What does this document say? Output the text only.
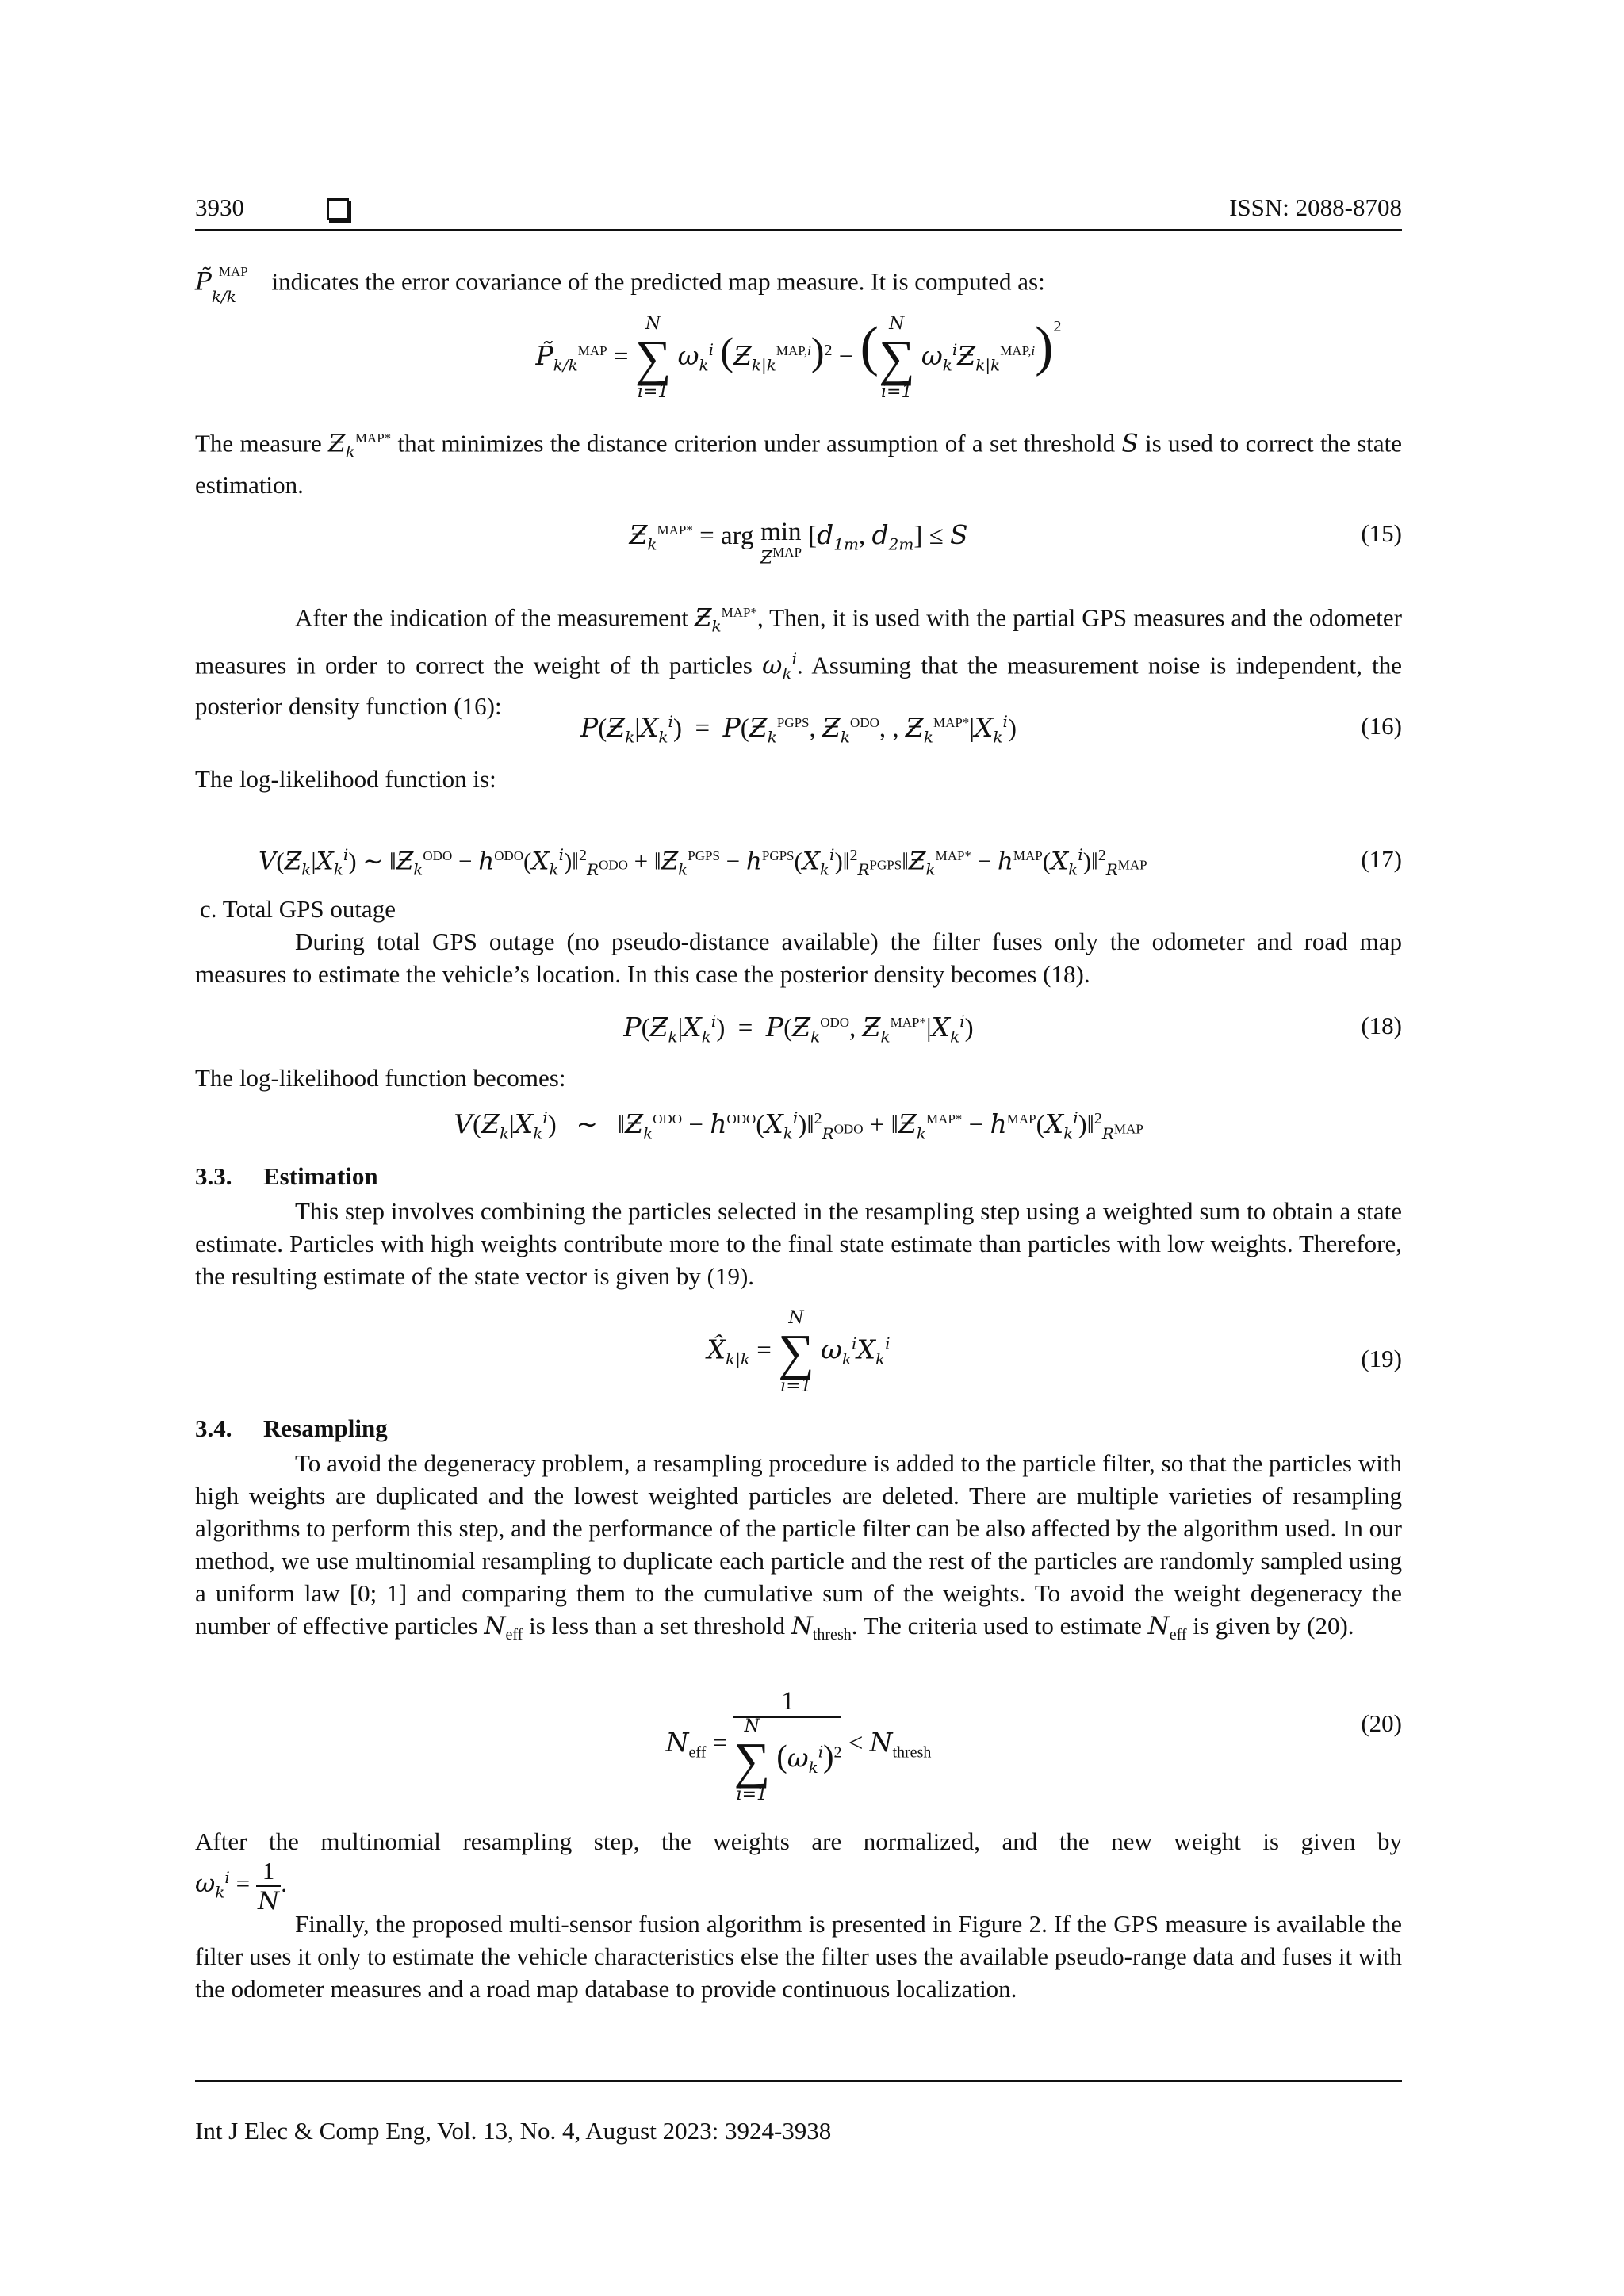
3930	ISSN: 2088-8708
$P̃_{k/k}^{MAP}$ indicates the error covariance of the predicted map measure. It is computed as:
$P̃_{k/k}^{MAP}$ =
N
∑
i=1
$\omega_k^i$ $(Ƶ_{k|k}^{MAP,i})^2$ − ( N
∑
i=1
$\omega_k^iƵ_{k|k}^{MAP,i})^2$
The measure $Ƶ_k^{MAP*}$ that minimizes the distance criterion under assumption of a set threshold S is used to correct the state estimation.
$Ƶ_k^{MAP*}$ = arg min
$Ƶ^{MAP}$
[$d_{1m}$, $d_{2m}] \le S$	(15)
After the indication of the measurement $Ƶ_k^{MAP*}$, Then, it is used with the partial GPS measures and the odometer measures in order to correct the weight of th particles $\omega_k^i$. Assuming that the measurement noise is independent, the posterior density function (16):
$P(Ƶ_k|X_k^i)$  =  $P(Ƶ_k^{PGPS}$, $Ƶ_k^{ODO}$, , $Ƶ_k^{MAP*}|X_k^i$)	(16)
The log-likelihood function is:
$V(Ƶ_k|X_k^i)$ ∼ $‖Ƶ_k^{ODO}$ − $h^{ODO}(X_k^i)‖^2_{R^{ODO}}$ + $‖Ƶ_k^{PGPS}$ − $h^{PGPS}(X_k^i)‖^2_{R^{PGPS}}‖Ƶ_k^{MAP*}$ − $h^{MAP}(X_k^i)‖^2_{R^{MAP}}$	(17)
c. Total GPS outage
During total GPS outage (no pseudo-distance available) the filter fuses only the odometer and road map measures to estimate the vehicle’s location. In this case the posterior density becomes (18).
$P(Ƶ_k|X_k^i)$  =  $P(Ƶ_k^{ODO}$, $Ƶ_k^{MAP*}|X_k^i$)	(18)
The log-likelihood function becomes:
$V(Ƶ_k|X_k^i)$   ∼   $‖Ƶ_k^{ODO}$ − $h^{ODO}(X_k^i)‖^2_{R^{ODO}}$ + $‖Ƶ_k^{MAP*}$ − $h^{MAP}(X_k^i)‖^2_{R^{MAP}}$
3.3. Estimation
This step involves combining the particles selected in the resampling step using a weighted sum to obtain a state estimate. Particles with high weights contribute more to the final state estimate than particles with low weights. Therefore, the resulting estimate of the state vector is given by (19).
$X̂_{k|k}$ =
N
∑
i=1
$\omega_k^iX_k^i$
(19)
3.4. Resampling
To avoid the degeneracy problem, a resampling procedure is added to the particle filter, so that the particles with high weights are duplicated and the lowest weighted particles are deleted. There are multiple varieties of resampling algorithms to perform this step, and the performance of the particle filter can be also affected by the algorithm used. In our method, we use multinomial resampling to duplicate each particle and the rest of the particles are randomly sampled using a uniform law [0; 1] and comparing them to the cumulative sum of the weights. To avoid the weight degeneracy the number of effective particles $N_{eff}$ is less than a set threshold $N_{thresh}$. The criteria used to estimate $N_{eff}$ is given by (20).
$N_{eff} = 1$
N
∑
i=1
$(\omega_k^i)^2 < N_{thresh}$
(20)
After the multinomial resampling step, the weights are normalized, and the new weight is given by
$\omega_k^i = \frac{1}{N}$ .
Finally, the proposed multi-sensor fusion algorithm is presented in Figure 2. If the GPS measure is available the filter uses it only to estimate the vehicle characteristics else the filter uses the available pseudo-range data and fuses it with the odometer measures and a road map database to provide continuous localization.
Int J Elec & Comp Eng, Vol. 13, No. 4, August 2023: 3924-3938
